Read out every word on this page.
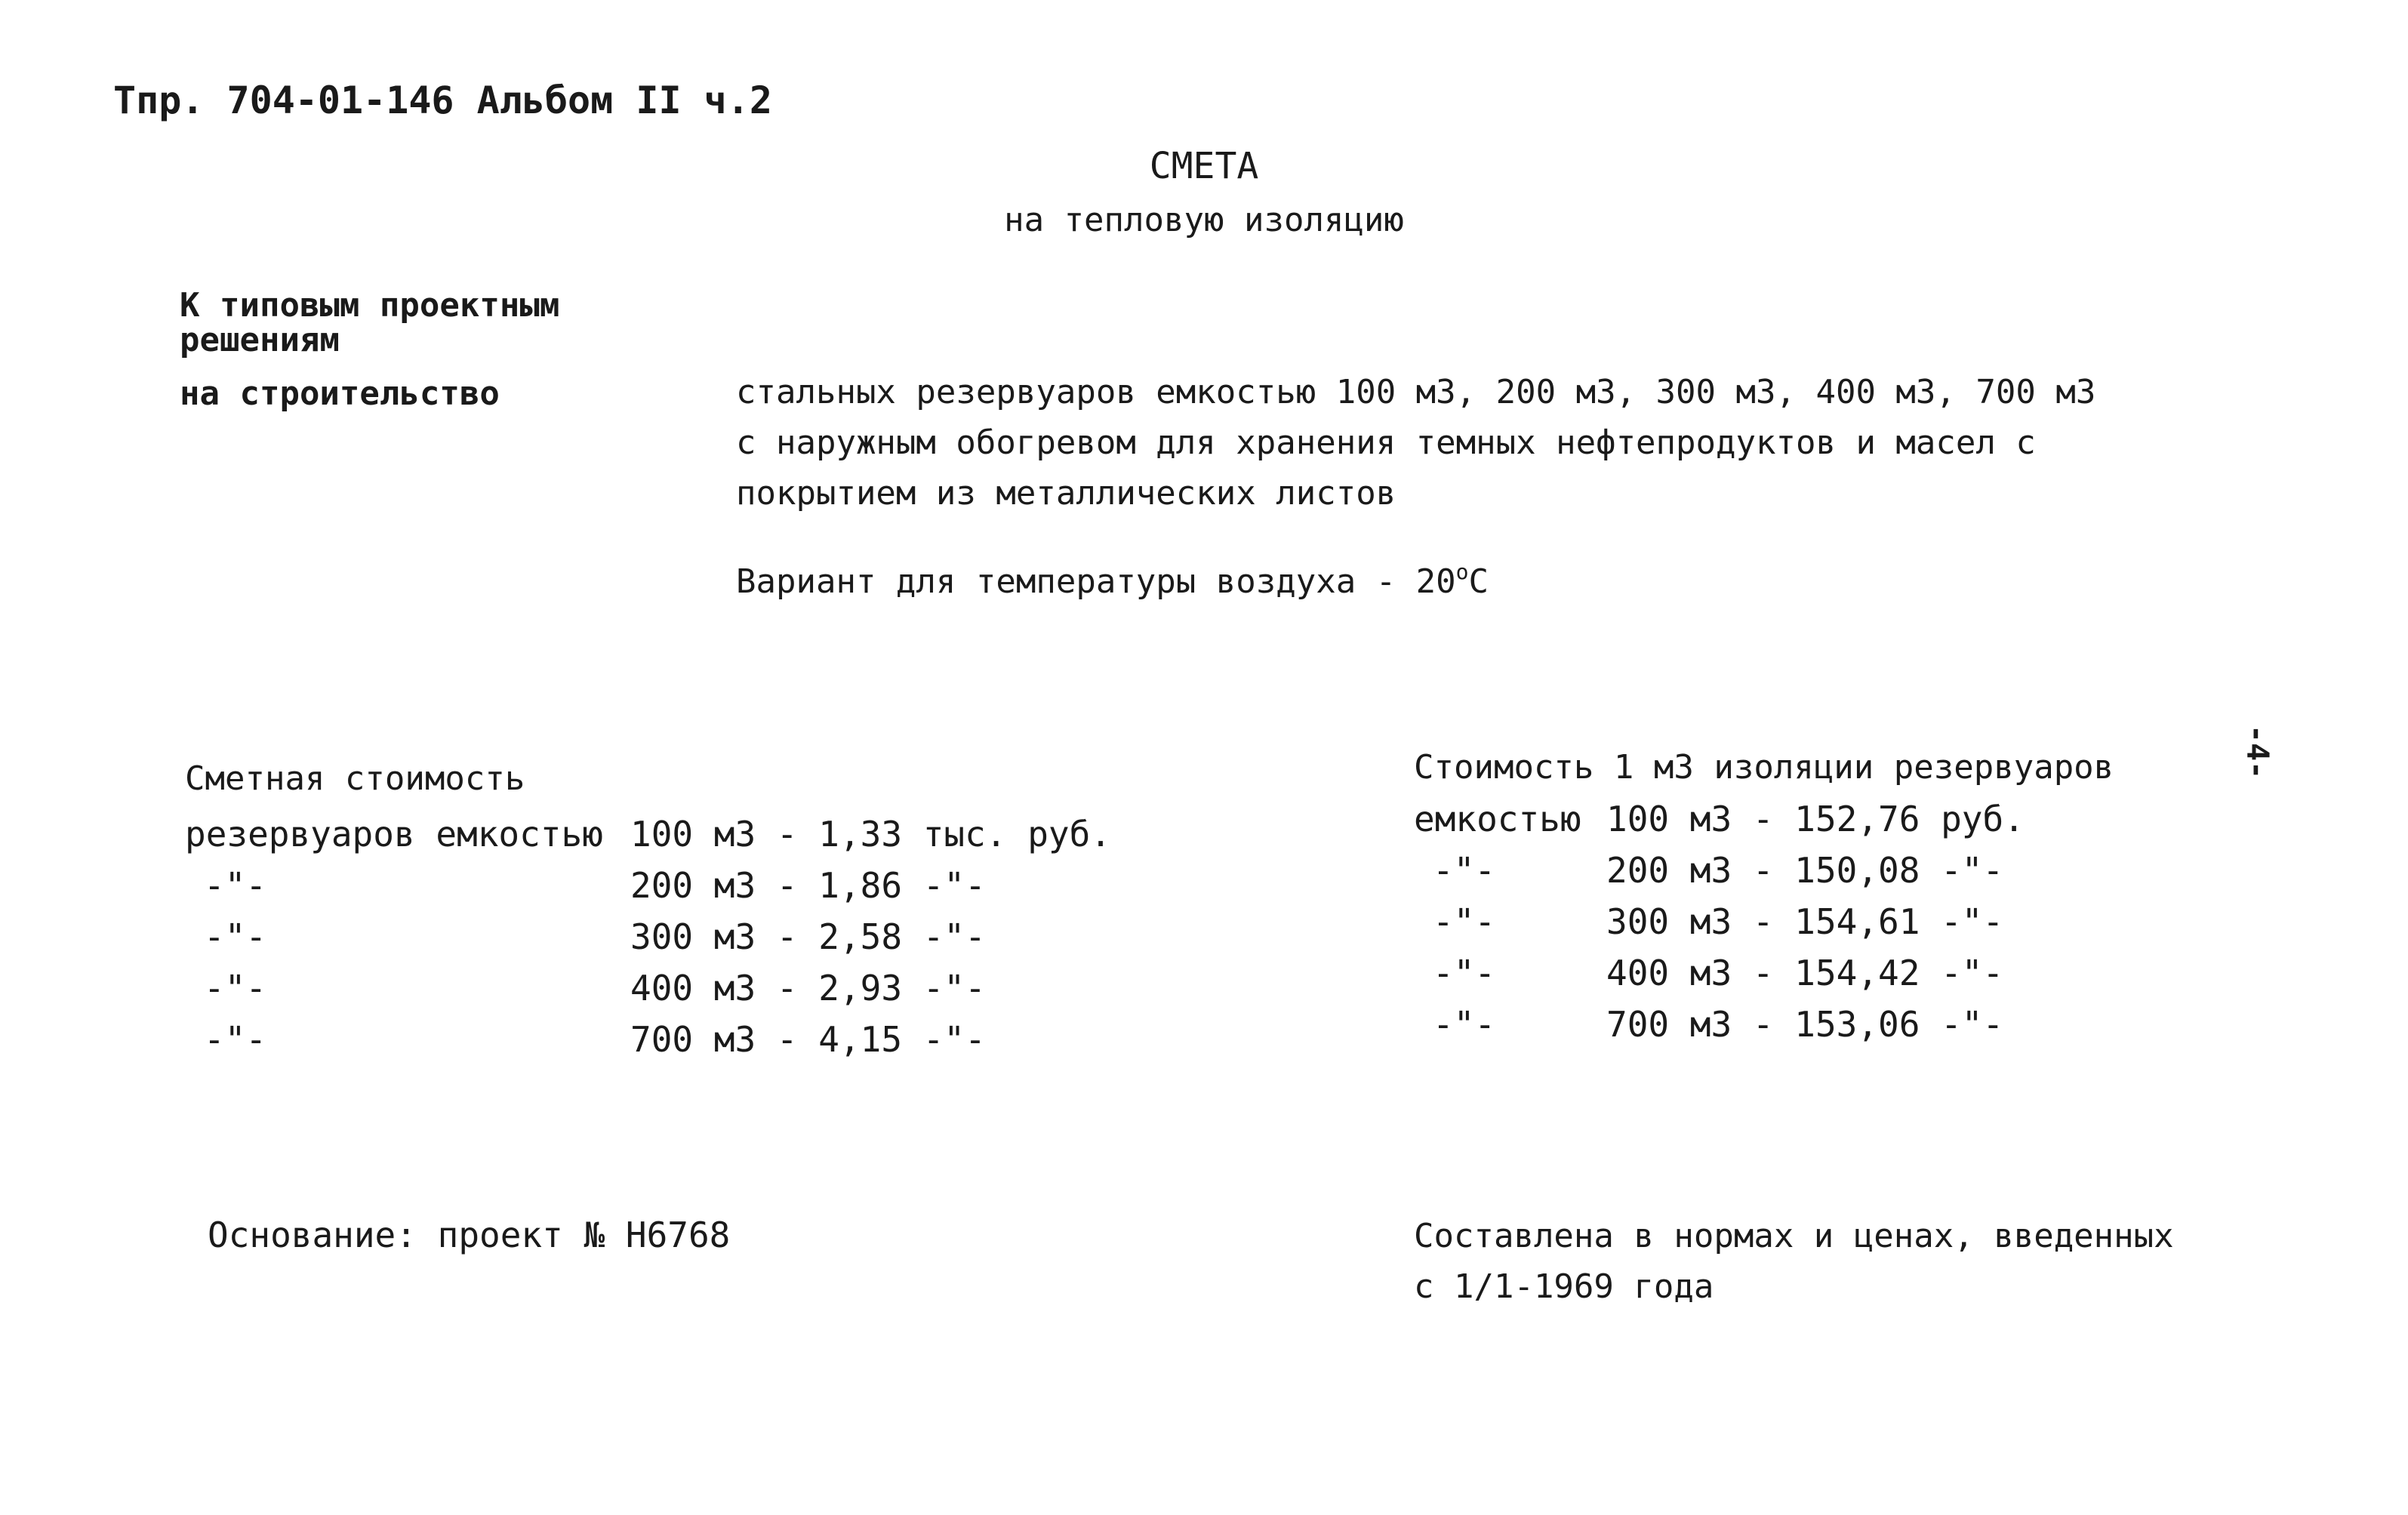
Тпр. 704-01-146 Альбом II ч.2
СМЕТА
на тепловую изоляцию
К типовым проектным
решениям
на строительство	стальных резервуаров емкостью 100 м3, 200 м3, 300 м3, 400 м3, 700 м3
с наружным обогревом для хранения темных нефтепродуктов и масел с
покрытием из металлических листов
Вариант для температуры воздуха - $20^оС$
-4-
Сметная стоимость
резервуаров емкостью 100 м3 - 1,33 тыс. руб.
-"-	200 м3 - 1,86 -"-
-"-	300 м3 - 2,58 -"-
-"-	400 м3 - 2,93 -"-
-"-	700 м3 - 4,15 -"-
Стоимость 1 м3 изоляции резервуаров
емкостью 100 м3 - 152,76 руб.
-"-	200 м3 - 150,08 -"-
-"-	300 м3 - 154,61 -"-
-"-	400 м3 - 154,42 -"-
-"-	700 м3 - 153,06 -"-
Основание: проект № Н6768	Составлена в нормах и ценах, введенных
с 1/1-1969 года
